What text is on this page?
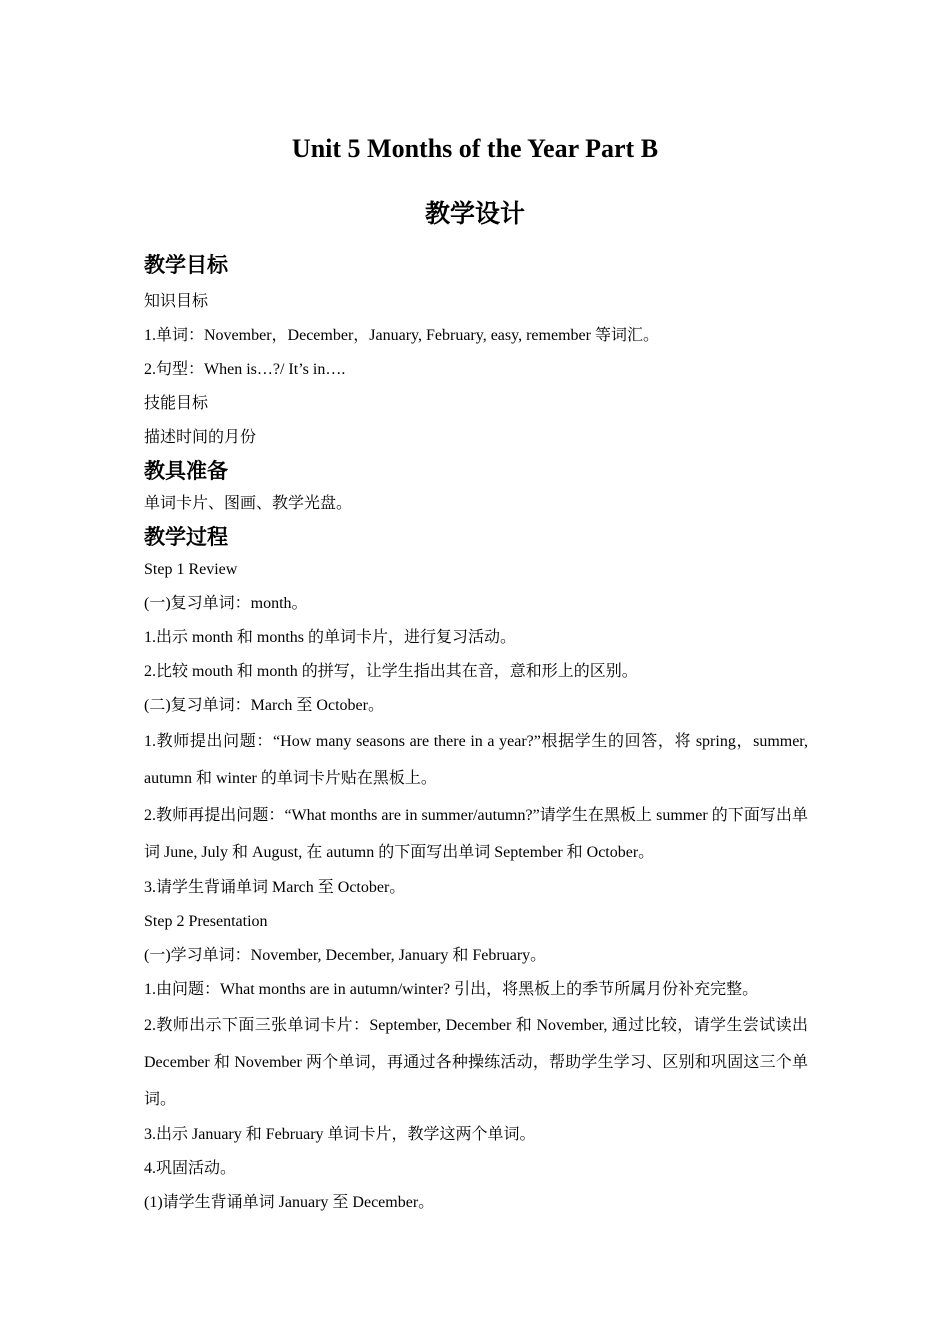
Unit 5 Months of the Year Part B
教学设计
教学目标

知识目标

1.单词：November，December，January, February, easy, remember 等词汇。

2.句型：When is…?/ It’s in….

技能目标

描述时间的月份

教具准备

单词卡片、图画、教学光盘。

教学过程

Step 1 Review

(一)复习单词：month。

1.出示 month 和 months 的单词卡片，进行复习活动。

2.比较 mouth 和 month 的拼写，让学生指出其在音，意和形上的区别。

(二)复习单词：March 至 October。

1.教师提出问题：“How many seasons are there in a year?”根据学生的回答，将 spring，summer, autumn 和 winter 的单词卡片贴在黑板上。

2.教师再提出问题：“What months are in summer/autumn?”请学生在黑板上 summer 的下面写出单词 June, July 和 August, 在 autumn 的下面写出单词 September 和 October。

3.请学生背诵单词 March 至 October。

Step 2 Presentation

(一)学习单词：November, December, January 和 February。

1.由问题：What months are in autumn/winter? 引出，将黑板上的季节所属月份补充完整。

2.教师出示下面三张单词卡片：September, December 和 November, 通过比较，请学生尝试读出 December 和 November 两个单词，再通过各种操练活动，帮助学生学习、区别和巩固这三个单词。

3.出示 January 和 February 单词卡片，教学这两个单词。

4.巩固活动。

(1)请学生背诵单词 January 至 December。
